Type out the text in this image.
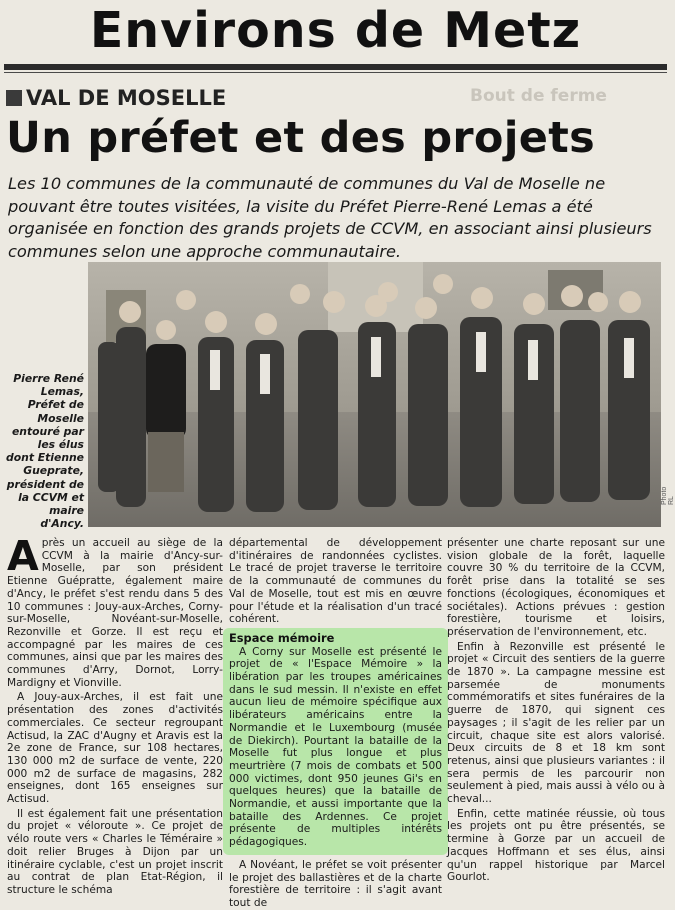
Environs de Metz
VAL DE MOSELLE	Bout de ferme
Un préfet et des projets
Les 10 communes de la communauté de communes du Val de Moselle ne pouvant être toutes visitées, la visite du Préfet Pierre-René Lemas a été organisée en fonction des grands projets de CCVM, en associant ainsi plusieurs communes selon une approche communautaire.
Pierre René Lemas, Préfet de Moselle entouré par les élus dont Etienne Gueprate, président de la CCVM et maire d'Ancy.
Photo RL

Après un accueil au siège de la CCVM à la mairie d'Ancy-sur-Moselle, par son président Etienne Guépratte, également maire d'Ancy, le préfet s'est rendu dans 5 des 10 communes : Jouy-aux-Arches, Corny-sur-Moselle, Novéant-sur-Moselle, Rezonville et Gorze. Il est reçu et accompagné par les maires de ces communes, ainsi que par les maires des communes d'Arry, Dornot, Lorry-Mardigny et Vionville.

A Jouy-aux-Arches, il est fait une présentation des zones d'activités commerciales. Ce secteur regroupant Actisud, la ZAC d'Augny et Aravis est la 2e zone de France, sur 108 hectares, 130 000 m2 de surface de vente, 220 000 m2 de surface de magasins, 282 enseignes, dont 165 enseignes sur Actisud.

Il est également fait une présentation du projet « véloroute ». Ce projet de vélo route vers « Charles le Téméraire » doit relier Bruges à Dijon par un itinéraire cyclable, c'est un projet inscrit au contrat de plan Etat-Région, il structure le schéma

départemental de développement d'itinéraires de randonnées cyclistes. Le tracé de projet traverse le territoire de la communauté de communes du Val de Moselle, tout est mis en œuvre pour l'étude et la réalisation d'un tracé cohérent.

Espace mémoire

A Corny sur Moselle est présenté le projet de « l'Espace Mémoire » la libération par les troupes américaines dans le sud messin. Il n'existe en effet aucun lieu de mémoire spécifique aux libérateurs américains entre la Normandie et le Luxembourg (musée de Diekirch). Pourtant la bataille de la Moselle fut plus longue et plus meurtrière (7 mois de combats et 500 000 victimes, dont 950 jeunes Gi's en quelques heures) que la bataille de Normandie, et aussi importante que la bataille des Ardennes. Ce projet présente de multiples intérêts pédagogiques.

A Novéant, le préfet se voit présenter le projet des ballastières et de la charte forestière de territoire : il s'agit avant tout de

présenter une charte reposant sur une vision globale de la forêt, laquelle couvre 30 % du territoire de la CCVM, forêt prise dans la totalité se ses fonctions (écologiques, économiques et sociétales). Actions prévues : gestion forestière, tourisme et loisirs, préservation de l'environnement, etc.

Enfin à Rezonville est présenté le projet « Circuit des sentiers de la guerre de 1870 ». La campagne messine est parsemée de monuments commémoratifs et sites funéraires de la guerre de 1870, qui signent ces paysages ; il s'agit de les relier par un circuit, chaque site est alors valorisé. Deux circuits de 8 et 18 km sont retenus, ainsi que plusieurs variantes : il sera permis de les parcourir non seulement à pied, mais aussi à vélo ou à cheval...

Enfin, cette matinée réussie, où tous les projets ont pu être présentés, se termine à Gorze par un accueil de Jacques Hoffmann et ses élus, ainsi qu'un rappel historique par Marcel Gourlot.
